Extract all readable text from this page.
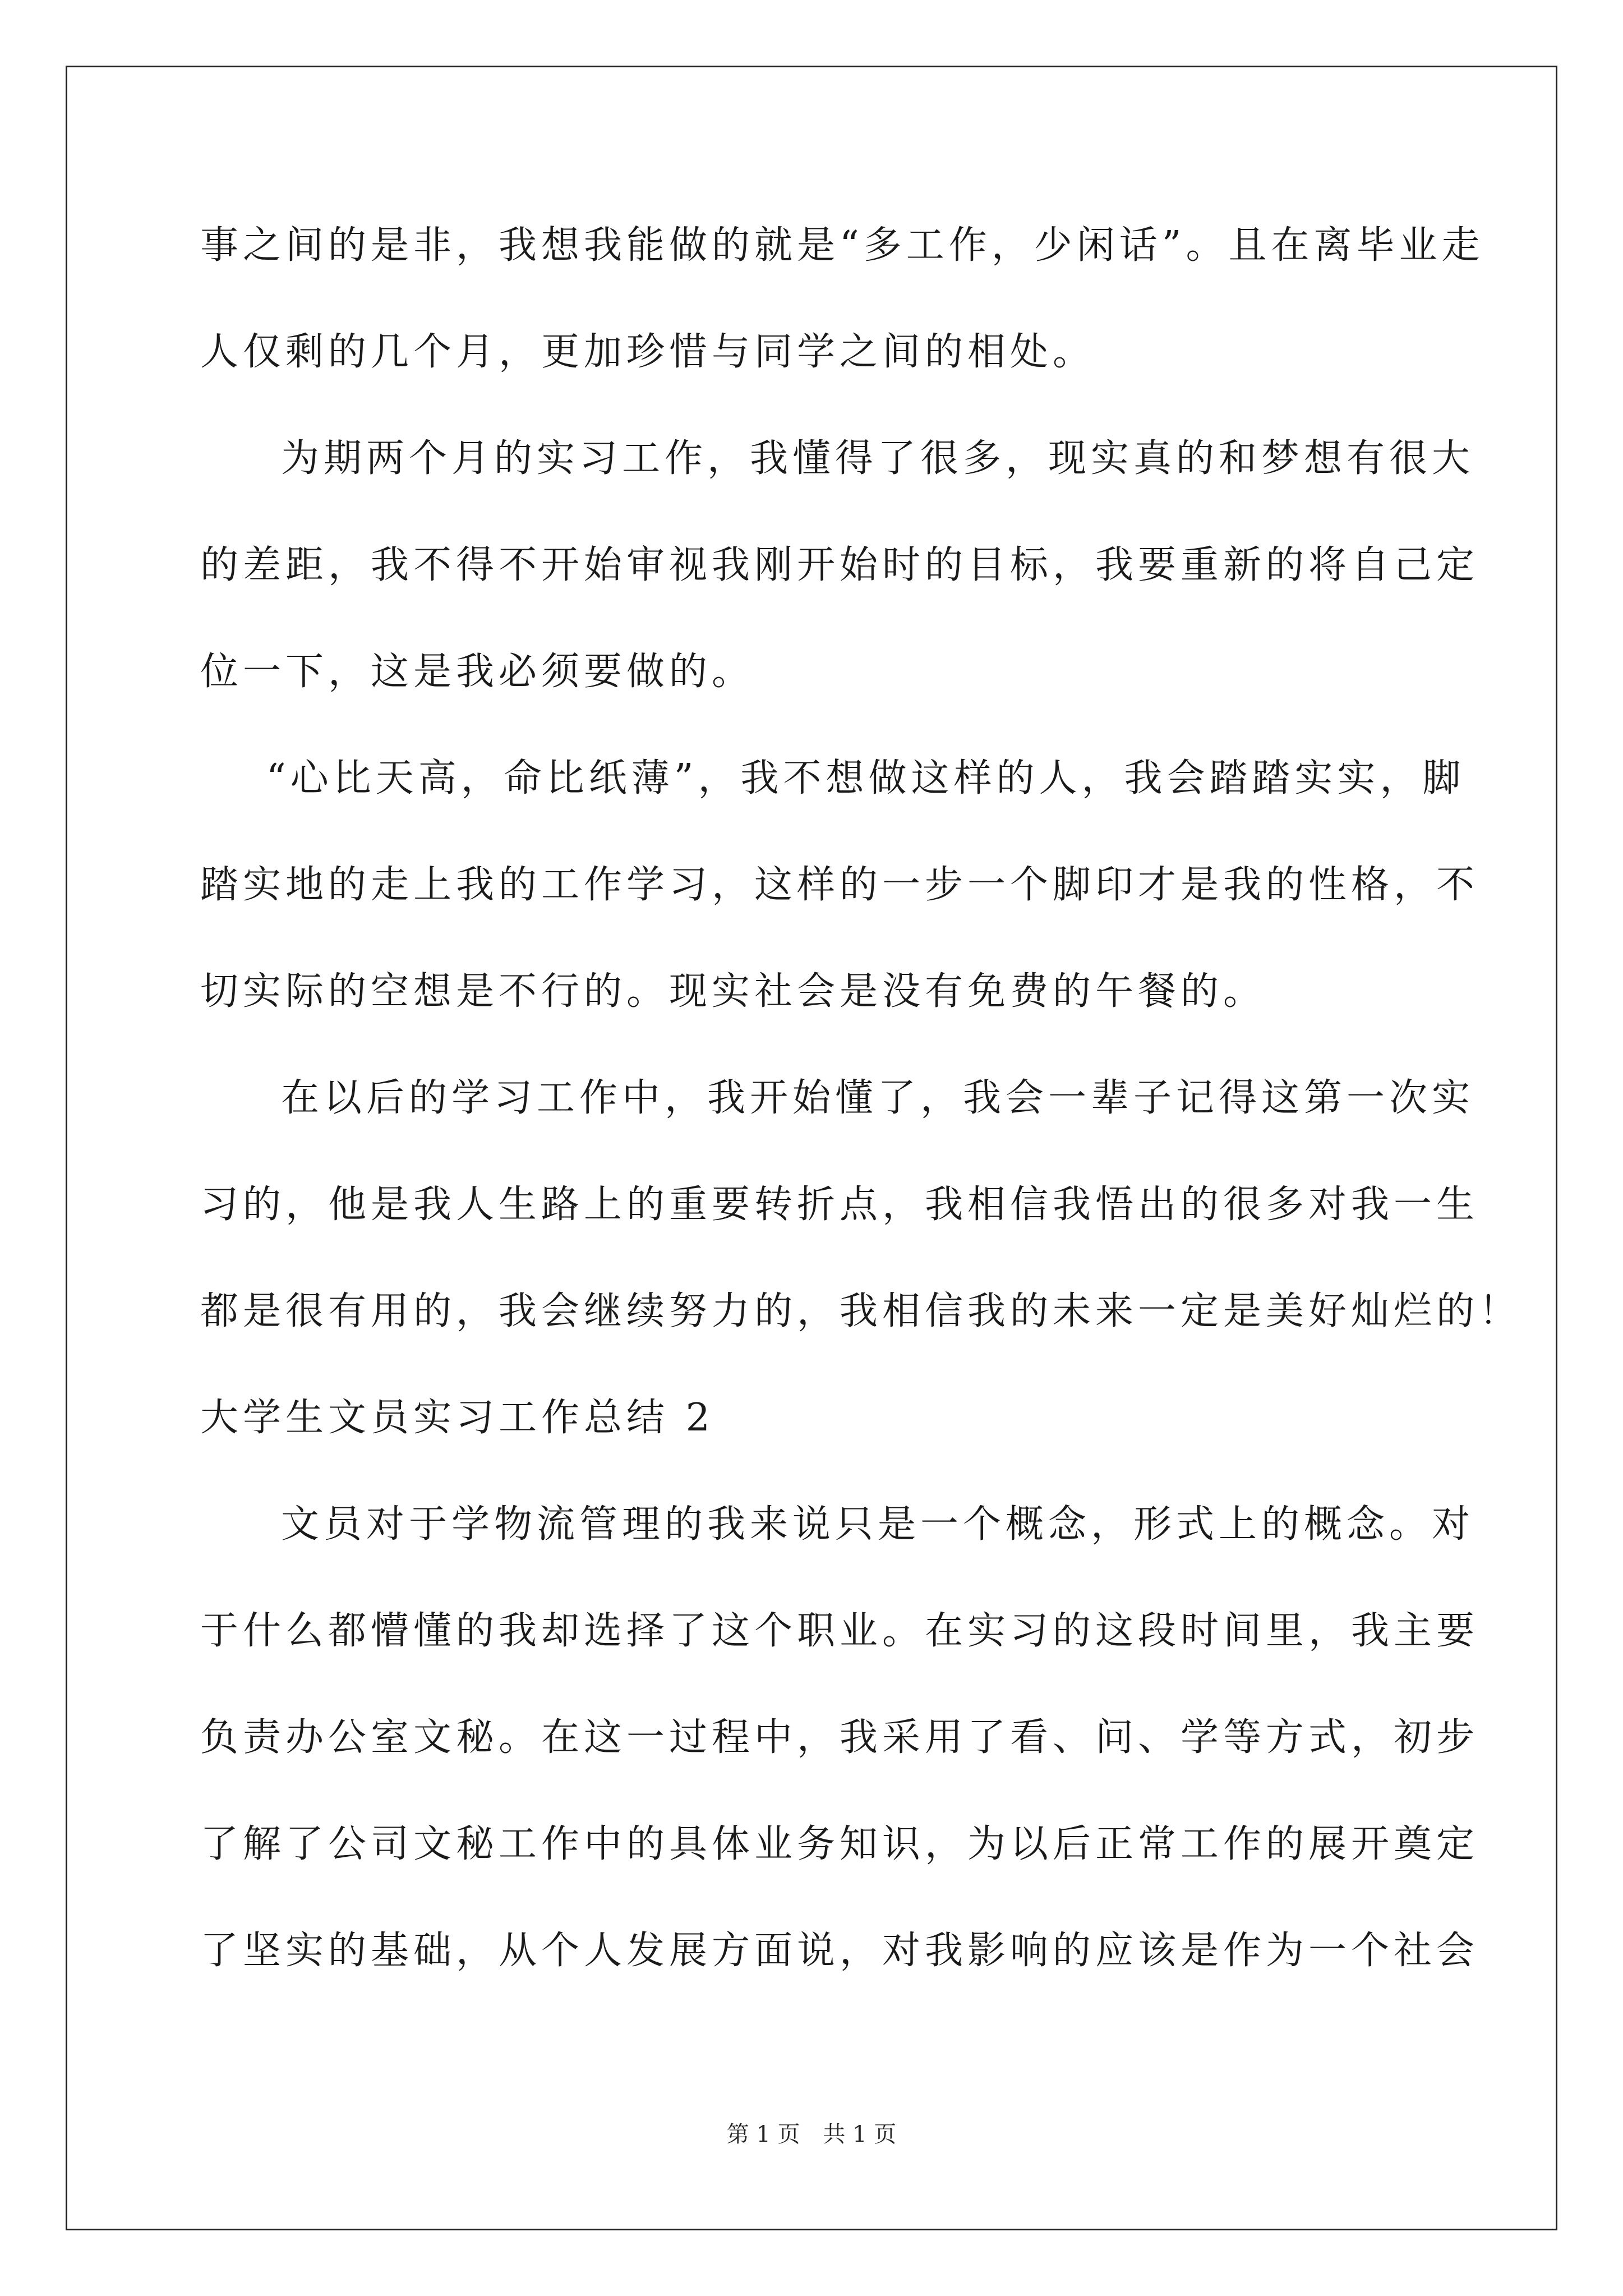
事之间的是非，我想我能做的就是“多工作，少闲话”。且在离毕业走
人仅剩的几个月，更加珍惜与同学之间的相处。
为期两个月的实习工作，我懂得了很多，现实真的和梦想有很大
的差距，我不得不开始审视我刚开始时的目标，我要重新的将自己定
位一下，这是我必须要做的。
“心比天高，命比纸薄”，我不想做这样的人，我会踏踏实实，脚
踏实地的走上我的工作学习，这样的一步一个脚印才是我的性格，不
切实际的空想是不行的。现实社会是没有免费的午餐的。
在以后的学习工作中，我开始懂了，我会一辈子记得这第一次实
习的，他是我人生路上的重要转折点，我相信我悟出的很多对我一生
都是很有用的，我会继续努力的，我相信我的未来一定是美好灿烂的！
大学生文员实习工作总结 2
文员对于学物流管理的我来说只是一个概念，形式上的概念。对
于什么都懵懂的我却选择了这个职业。在实习的这段时间里，我主要
负责办公室文秘。在这一过程中，我采用了看、问、学等方式，初步
了解了公司文秘工作中的具体业务知识，为以后正常工作的展开奠定
了坚实的基础，从个人发展方面说，对我影响的应该是作为一个社会
第 1 页 共 1 页
